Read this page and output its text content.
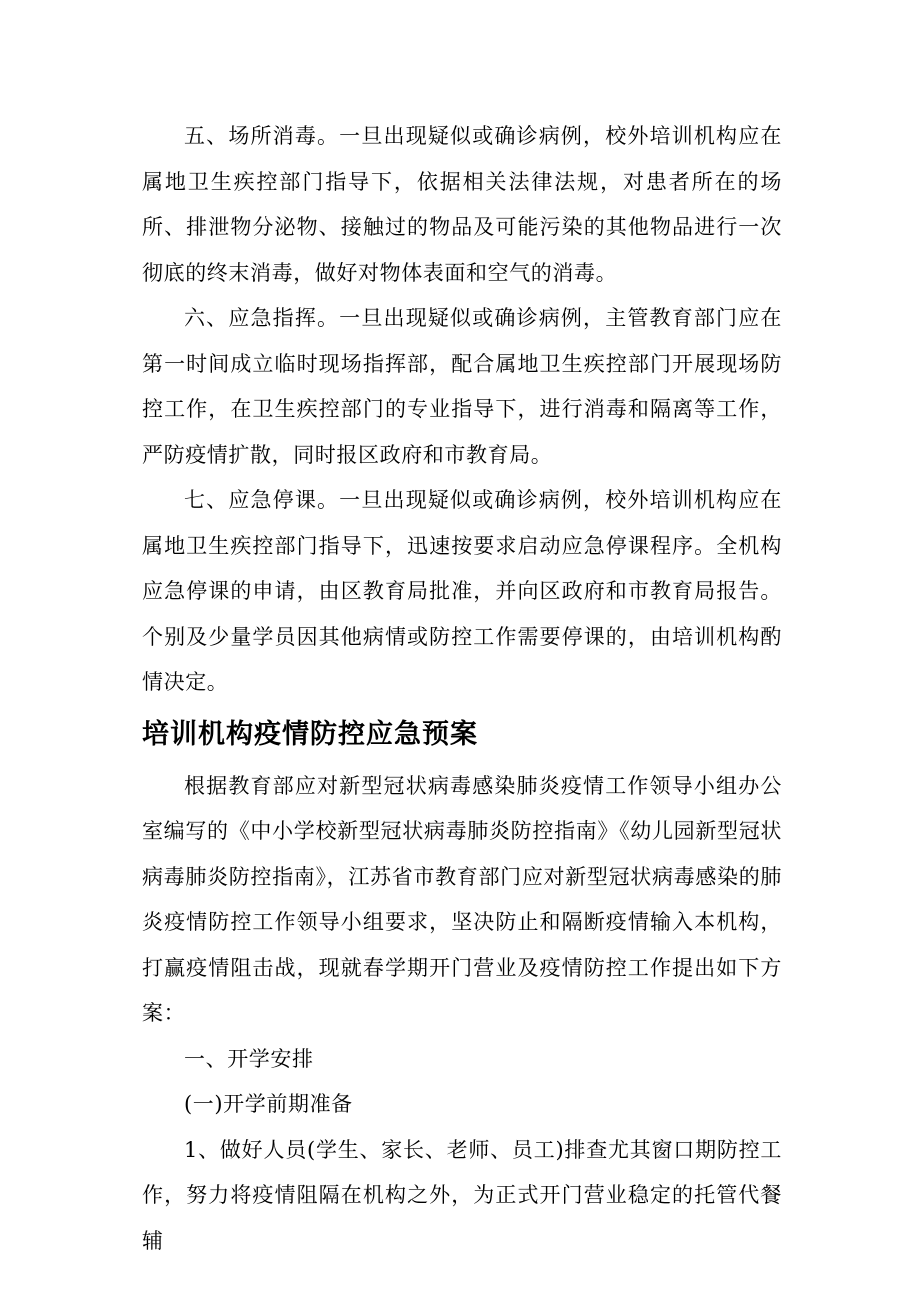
五、场所消毒。一旦出现疑似或确诊病例，校外培训机构应在属地卫生疾控部门指导下，依据相关法律法规，对患者所在的场所、排泄物分泌物、接触过的物品及可能污染的其他物品进行一次彻底的终末消毒，做好对物体表面和空气的消毒。

六、应急指挥。一旦出现疑似或确诊病例，主管教育部门应在第一时间成立临时现场指挥部，配合属地卫生疾控部门开展现场防控工作，在卫生疾控部门的专业指导下，进行消毒和隔离等工作，严防疫情扩散，同时报区政府和市教育局。

七、应急停课。一旦出现疑似或确诊病例，校外培训机构应在属地卫生疾控部门指导下，迅速按要求启动应急停课程序。全机构应急停课的申请，由区教育局批准，并向区政府和市教育局报告。个别及少量学员因其他病情或防控工作需要停课的，由培训机构酌情决定。

培训机构疫情防控应急预案

根据教育部应对新型冠状病毒感染肺炎疫情工作领导小组办公室编写的《中小学校新型冠状病毒肺炎防控指南》《幼儿园新型冠状病毒肺炎防控指南》，江苏省市教育部门应对新型冠状病毒感染的肺炎疫情防控工作领导小组要求，坚决防止和隔断疫情输入本机构，打赢疫情阻击战，现就春学期开门营业及疫情防控工作提出如下方案：

一、开学安排

(一)开学前期准备

1、做好人员(学生、家长、老师、员工)排查尤其窗口期防控工作，努力将疫情阻隔在机构之外，为正式开门营业稳定的托管代餐辅
